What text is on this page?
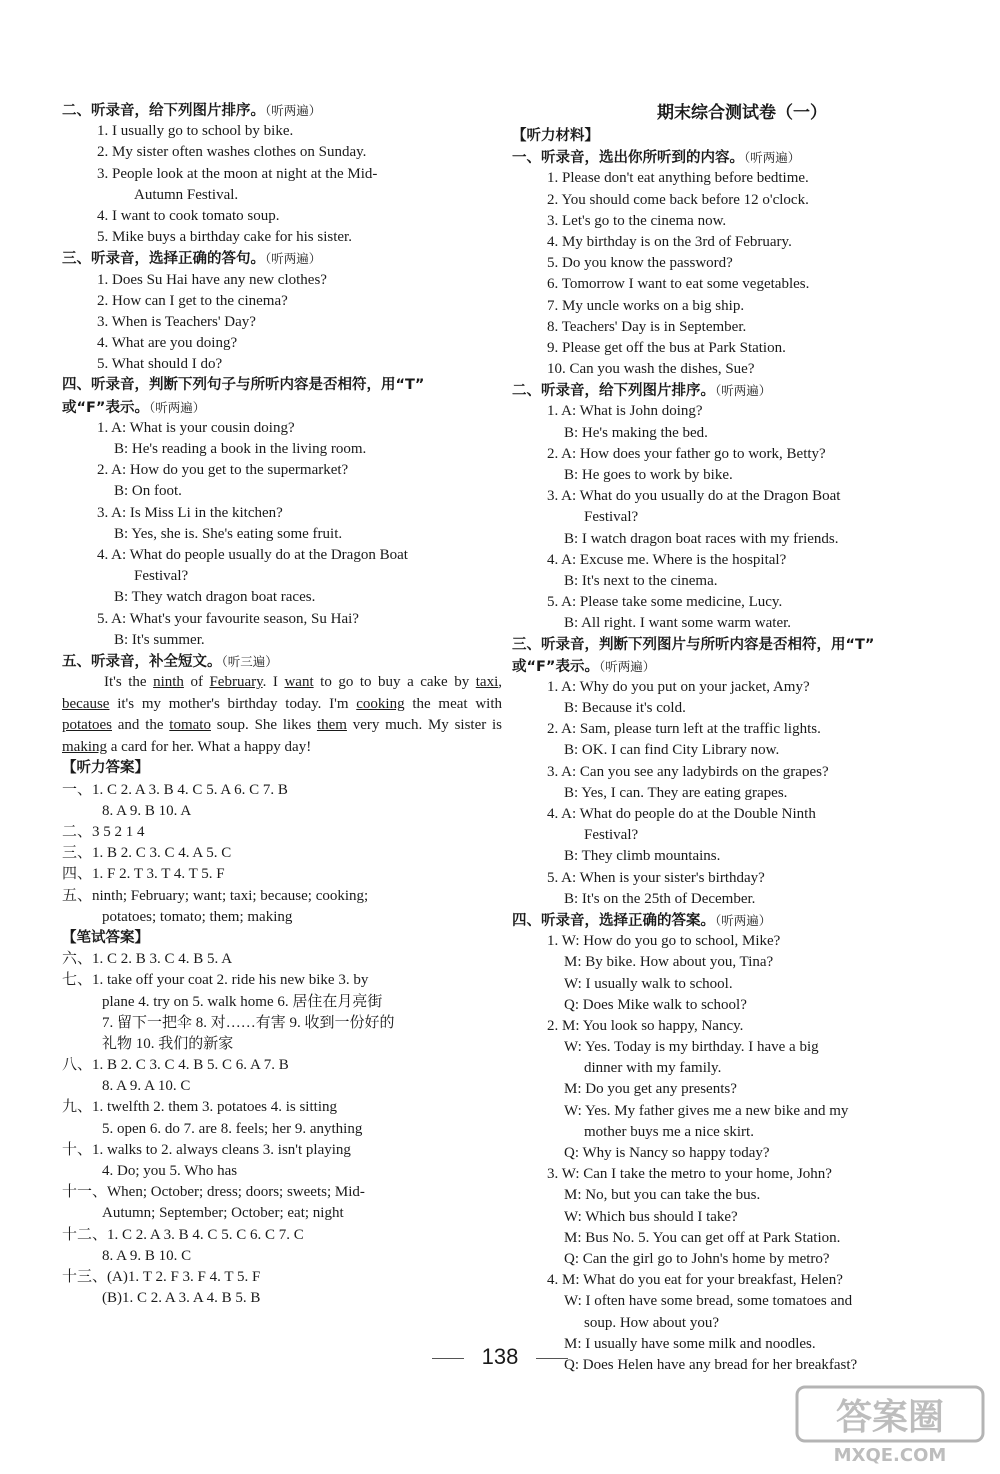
二、听录音，给下列图片排序。（听两遍）
1. I usually go to school by bike.
2. My sister often washes clothes on Sunday.
3. People look at the moon at night at the Mid-
Autumn Festival.
4. I want to cook tomato soup.
5. Mike buys a birthday cake for his sister.
三、听录音，选择正确的答句。（听两遍）
1. Does Su Hai have any new clothes?
2. How can I get to the cinema?
3. When is Teachers' Day?
4. What are you doing?
5. What should I do?
四、听录音，判断下列句子与所听内容是否相符，用“T”
或“F”表示。（听两遍）
1. A: What is your cousin doing?
B: He's reading a book in the living room.
2. A: How do you get to the supermarket?
B: On foot.
3. A: Is Miss Li in the kitchen?
B: Yes, she is. She's eating some fruit.
4. A: What do people usually do at the Dragon Boat
Festival?
B: They watch dragon boat races.
5. A: What's your favourite season, Su Hai?
B: It's summer.
五、听录音，补全短文。（听三遍）
It's the ninth of February. I want to go to buy a cake by taxi, because it's my mother's birthday today. I'm cooking the meat with potatoes and the tomato soup. She likes them very much. My sister is making a card for her. What a happy day!
【听力答案】
一、1. C 2. A 3. B 4. C 5. A 6. C 7. B
8. A 9. B 10. A
二、3 5 2 1 4
三、1. B 2. C 3. C 4. A 5. C
四、1. F 2. T 3. T 4. T 5. F
五、ninth; February; want; taxi; because; cooking;
potatoes; tomato; them; making
【笔试答案】
六、1. C 2. B 3. C 4. B 5. A
七、1. take off your coat 2. ride his new bike 3. by
plane 4. try on 5. walk home 6. 居住在月亮街
7. 留下一把伞 8. 对……有害 9. 收到一份好的
礼物 10. 我们的新家
八、1. B 2. C 3. C 4. B 5. C 6. A 7. B
8. A 9. A 10. C
九、1. twelfth 2. them 3. potatoes 4. is sitting
5. open 6. do 7. are 8. feels; her 9. anything
十、1. walks to 2. always cleans 3. isn't playing
4. Do; you 5. Who has
十一、When; October; dress; doors; sweets; Mid-
Autumn; September; October; eat; night
十二、1. C 2. A 3. B 4. C 5. C 6. C 7. C
8. A 9. B 10. C
十三、(A)1. T 2. F 3. F 4. T 5. F
(B)1. C 2. A 3. A 4. B 5. B
期末综合测试卷（一）
【听力材料】
一、听录音，选出你所听到的内容。（听两遍）
1. Please don't eat anything before bedtime.
2. You should come back before 12 o'clock.
3. Let's go to the cinema now.
4. My birthday is on the 3rd of February.
5. Do you know the password?
6. Tomorrow I want to eat some vegetables.
7. My uncle works on a big ship.
8. Teachers' Day is in September.
9. Please get off the bus at Park Station.
10. Can you wash the dishes, Sue?
二、听录音，给下列图片排序。（听两遍）
1. A: What is John doing?
B: He's making the bed.
2. A: How does your father go to work, Betty?
B: He goes to work by bike.
3. A: What do you usually do at the Dragon Boat
Festival?
B: I watch dragon boat races with my friends.
4. A: Excuse me. Where is the hospital?
B: It's next to the cinema.
5. A: Please take some medicine, Lucy.
B: All right. I want some warm water.
三、听录音，判断下列图片与所听内容是否相符，用“T”
或“F”表示。（听两遍）
1. A: Why do you put on your jacket, Amy?
B: Because it's cold.
2. A: Sam, please turn left at the traffic lights.
B: OK. I can find City Library now.
3. A: Can you see any ladybirds on the grapes?
B: Yes, I can. They are eating grapes.
4. A: What do people do at the Double Ninth
Festival?
B: They climb mountains.
5. A: When is your sister's birthday?
B: It's on the 25th of December.
四、听录音，选择正确的答案。（听两遍）
1. W: How do you go to school, Mike?
M: By bike. How about you, Tina?
W: I usually walk to school.
Q: Does Mike walk to school?
2. M: You look so happy, Nancy.
W: Yes. Today is my birthday. I have a big
dinner with my family.
M: Do you get any presents?
W: Yes. My father gives me a new bike and my
mother buys me a nice skirt.
Q: Why is Nancy so happy today?
3. W: Can I take the metro to your home, John?
M: No, but you can take the bus.
W: Which bus should I take?
M: Bus No. 5. You can get off at Park Station.
Q: Can the girl go to John's home by metro?
4. M: What do you eat for your breakfast, Helen?
W: I often have some bread, some tomatoes and
soup. How about you?
M: I usually have some milk and noodles.
Q: Does Helen have any bread for her breakfast?
138
答案圈
MXQE.COM
